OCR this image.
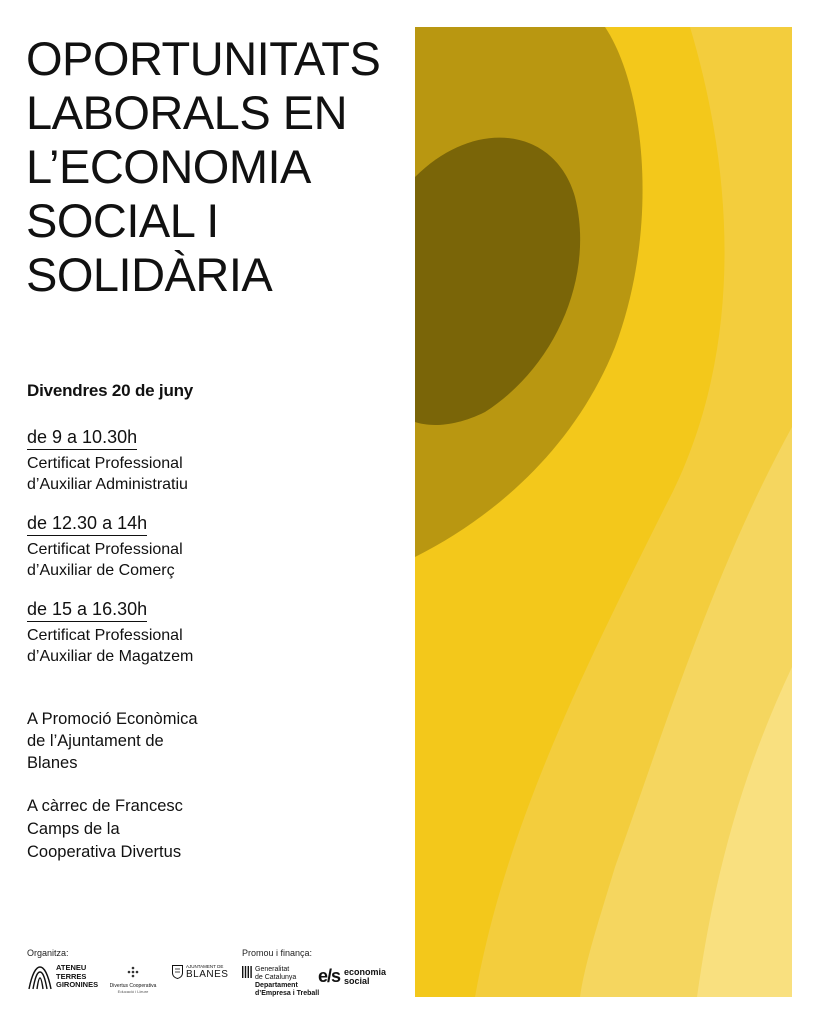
OPORTUNITATS
LABORALS EN
L’ECONOMIA
SOCIAL I
SOLIDÀRIA
Divendres 20 de juny
de 9 a 10.30h
Certificat Professional
d’Auxiliar Administratiu
de 12.30 a 14h
Certificat Professional
d’Auxiliar de Comerç
de 15 a 16.30h
Certificat Professional
d’Auxiliar de Magatzem
A Promoció Econòmica
de l’Ajuntament de
Blanes
A càrrec de Francesc
Camps de la
Cooperativa Divertus
Organitza:	Promou i finança:
ATENEU
TERRES
GIRONINES	Divertus Cooperativa
Educació i Lleure
AJUNTAMENT DE
BLANES	Generalitat
de Catalunya
Departament
d’Empresa i Treball
e/s economia
social
